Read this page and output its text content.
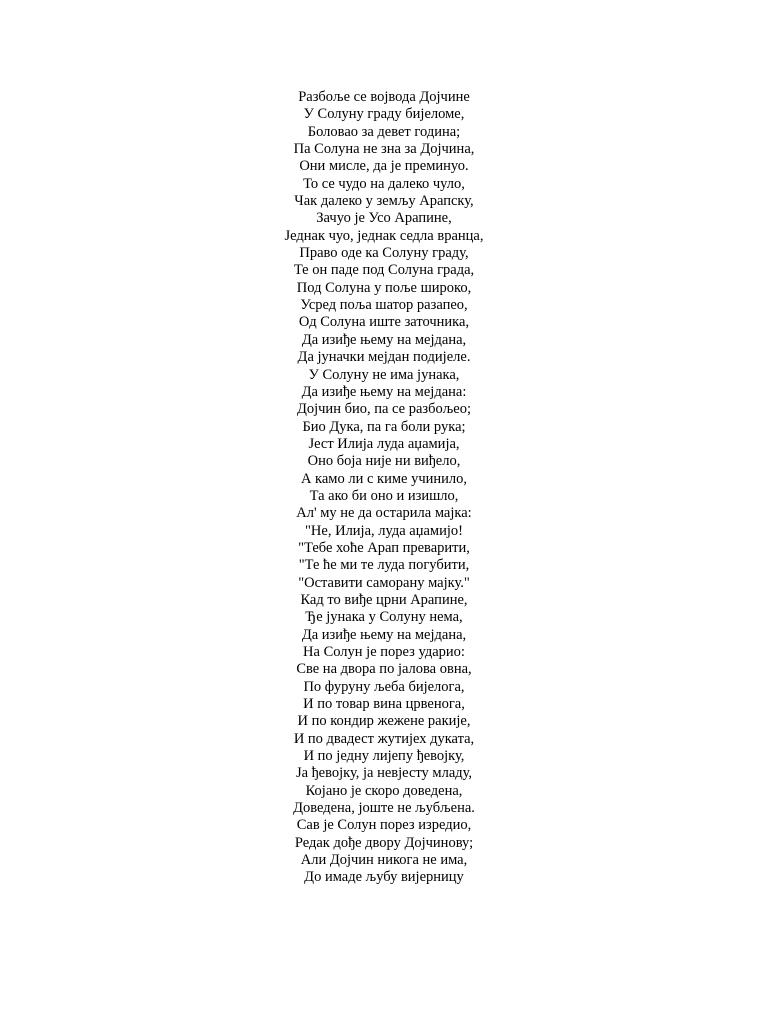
Разбоље се војвода Дојчине
У Солуну граду бијеломе,
Боловао за девет година;
Па Солуна не зна за Дојчина,
Они мисле, да је преминуо.
То се чудо на далеко чуло,
Чак далеко у земљу Арапску,
Зачуо је Усо Арапине,
Једнак чуо, једнак седла вранца,
Право оде ка Солуну граду,
Те он паде под Солуна града,
Под Солуна у поље широко,
Усред поља шатор разапео,
Од Солуна иште заточника,
Да изиђе њему на мејдана,
Да јуначки мејдан подијеле.
У Солуну не има јунака,
Да изиђе њему на мејдана:
Дојчин био, па се разбољео;
Био Дука, па га боли рука;
Јест Илија луда аџамија,
Оно боја није ни виђело,
А камо ли с киме учинило,
Та ако би оно и изишло,
Ал' му не да остарила мајка:
"Не, Илија, луда аџамијо!
"Тебе хоће Арап преварити,
"Те ће ми те луда погубити,
"Оставити саморану мајку."
Кад то виђе црни Арапине,
Ђе јунака у Солуну нема,
Да изиђе њему на мејдана,
На Солун је порез ударио:
Све на двора по јалова овна,
По фуруну љеба бијелога,
И по товар вина црвенога,
И по кондир жежене ракије,
И по двадест жутијех дуката,
И по једну лијепу ђевојку,
Ја ђевојку, ја невјесту младу,
Којано је скоро доведена,
Доведена, јоште не љубљена.
Сав је Солун порез изредио,
Редак дође двору Дојчинову;
Али Дојчин никога не има,
До имаде љубу вијерницу
